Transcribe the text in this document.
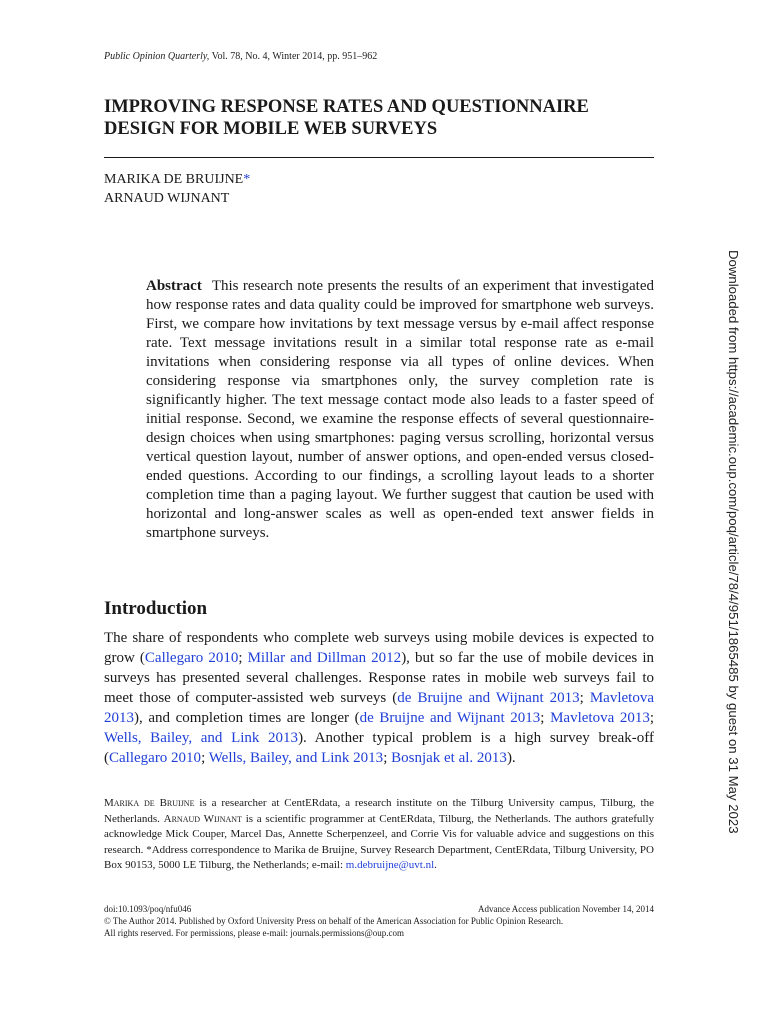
Public Opinion Quarterly, Vol. 78, No. 4, Winter 2014, pp. 951–962
IMPROVING RESPONSE RATES AND QUESTIONNAIRE DESIGN FOR MOBILE WEB SURVEYS
MARIKA DE BRUIJNE*
ARNAUD WIJNANT
Abstract This research note presents the results of an experiment that investigated how response rates and data quality could be improved for smartphone web surveys. First, we compare how invitations by text message versus by e-mail affect response rate. Text message invitations result in a similar total response rate as e-mail invitations when considering response via all types of online devices. When considering response via smartphones only, the survey completion rate is significantly higher. The text message contact mode also leads to a faster speed of initial response. Second, we examine the response effects of several questionnaire-design choices when using smartphones: paging versus scrolling, horizontal versus vertical question layout, number of answer options, and open-ended versus closed-ended questions. According to our findings, a scrolling layout leads to a shorter completion time than a paging layout. We further suggest that caution be used with horizontal and long-answer scales as well as open-ended text answer fields in smartphone surveys.
Introduction
The share of respondents who complete web surveys using mobile devices is expected to grow (Callegaro 2010; Millar and Dillman 2012), but so far the use of mobile devices in surveys has presented several challenges. Response rates in mobile web surveys fail to meet those of computer-assisted web surveys (de Bruijne and Wijnant 2013; Mavletova 2013), and completion times are longer (de Bruijne and Wijnant 2013; Mavletova 2013; Wells, Bailey, and Link 2013). Another typical problem is a high survey break-off (Callegaro 2010; Wells, Bailey, and Link 2013; Bosnjak et al. 2013).
Marika de Bruijne is a researcher at CentERdata, a research institute on the Tilburg University campus, Tilburg, the Netherlands. Arnaud Wijnant is a scientific programmer at CentERdata, Tilburg, the Netherlands. The authors gratefully acknowledge Mick Couper, Marcel Das, Annette Scherpenzeel, and Corrie Vis for valuable advice and suggestions on this research. *Address correspondence to Marika de Bruijne, Survey Research Department, CentERdata, Tilburg University, PO Box 90153, 5000 LE Tilburg, the Netherlands; e-mail: m.debruijne@uvt.nl.
doi:10.1093/poq/nfu046	Advance Access publication November 14, 2014
© The Author 2014. Published by Oxford University Press on behalf of the American Association for Public Opinion Research.
All rights reserved. For permissions, please e-mail: journals.permissions@oup.com
Downloaded from https://academic.oup.com/poq/article/78/4/951/1865485 by guest on 31 May 2023
